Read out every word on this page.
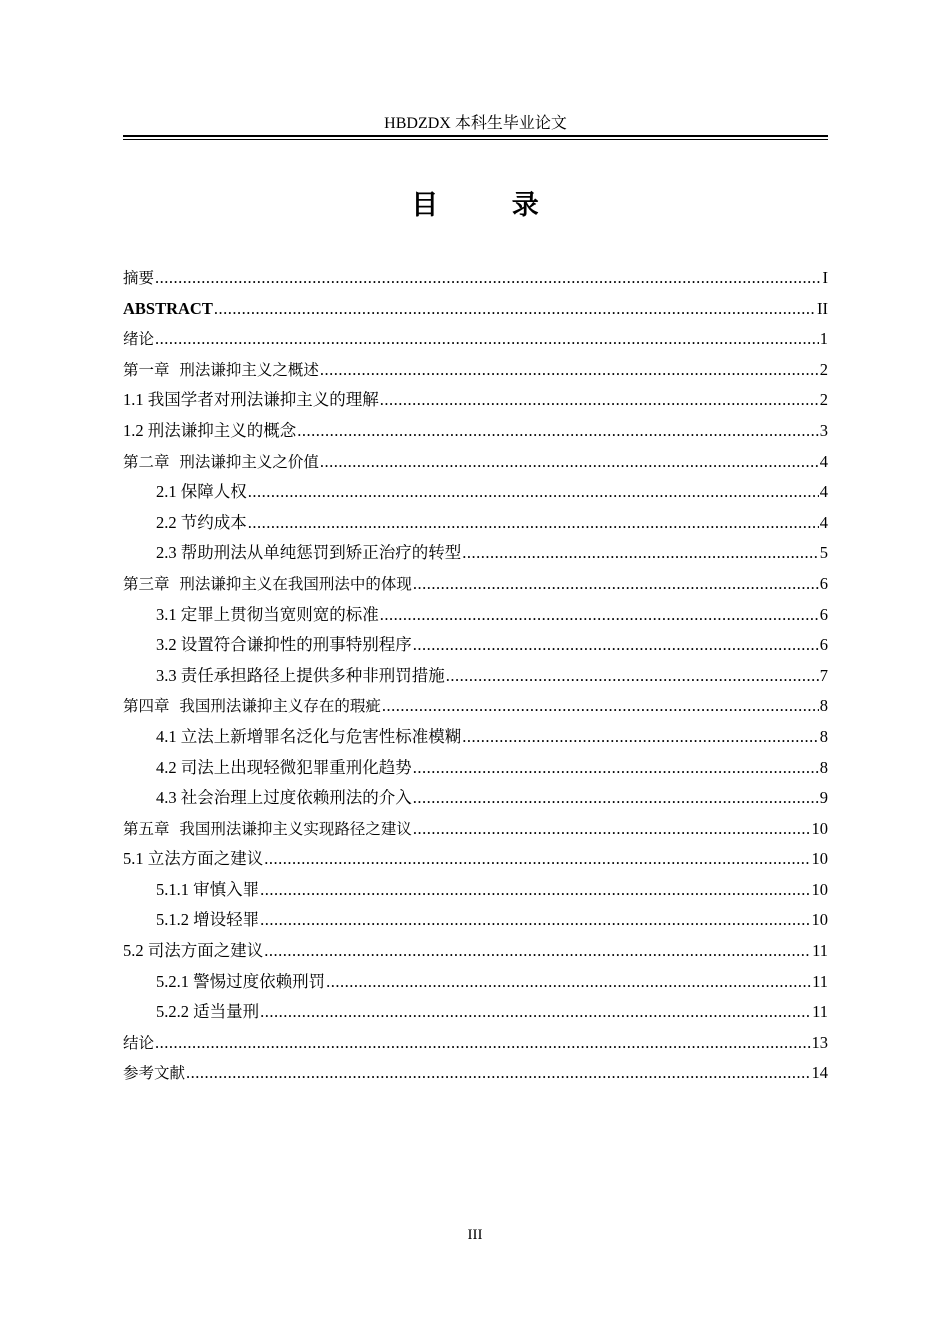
HBDZDX 本科生毕业论文
目 录
摘要 .....	I
ABSTRACT .....	II
绪论 .....	1
第一章  刑法谦抑主义之概述 .....	2
1.1 我国学者对刑法谦抑主义的理解 .....	2
1.2 刑法谦抑主义的概念 .....	3
第二章  刑法谦抑主义之价值 .....	4
2.1 保障人权 .....	4
2.2 节约成本 .....	4
2.3 帮助刑法从单纯惩罚到矫正治疗的转型 .....	5
第三章  刑法谦抑主义在我国刑法中的体现 .....	6
3.1 定罪上贯彻当宽则宽的标准 .....	6
3.2 设置符合谦抑性的刑事特别程序 .....	6
3.3 责任承担路径上提供多种非刑罚措施 .....	7
第四章  我国刑法谦抑主义存在的瑕疵 .....	8
4.1 立法上新增罪名泛化与危害性标准模糊 .....	8
4.2 司法上出现轻微犯罪重刑化趋势 .....	8
4.3 社会治理上过度依赖刑法的介入 .....	9
第五章  我国刑法谦抑主义实现路径之建议 .....	10
5.1 立法方面之建议 .....	10
5.1.1 审慎入罪 .....	10
5.1.2 增设轻罪 .....	10
5.2 司法方面之建议 .....	11
5.2.1 警惕过度依赖刑罚 .....	11
5.2.2 适当量刑 .....	11
结论 .....	13
参考文献 .....	14
III
